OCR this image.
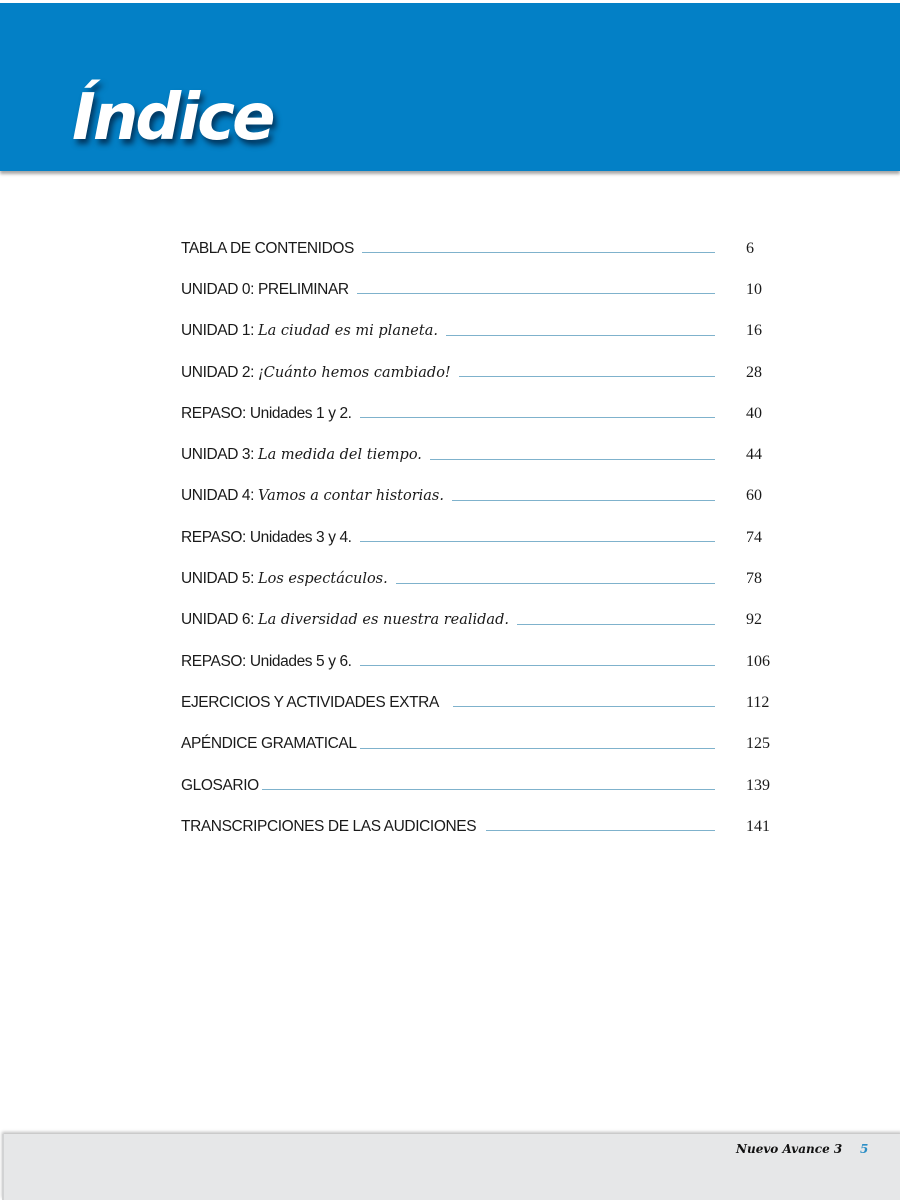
Índice
TABLA DE CONTENIDOS	6
UNIDAD 0: PRELIMINAR	10
UNIDAD 1: La ciudad es mi planeta.	16
UNIDAD 2: ¡Cuánto hemos cambiado!	28
REPASO: Unidades 1 y 2.	40
UNIDAD 3: La medida del tiempo.	44
UNIDAD 4: Vamos a contar historias.	60
REPASO: Unidades 3 y 4.	74
UNIDAD 5: Los espectáculos.	78
UNIDAD 6: La diversidad es nuestra realidad.	92
REPASO: Unidades 5 y 6.	106
EJERCICIOS Y ACTIVIDADES EXTRA	112
APÉNDICE GRAMATICAL	125
GLOSARIO	139
TRANSCRIPCIONES DE LAS AUDICIONES	141
Nuevo Avance 3 5
